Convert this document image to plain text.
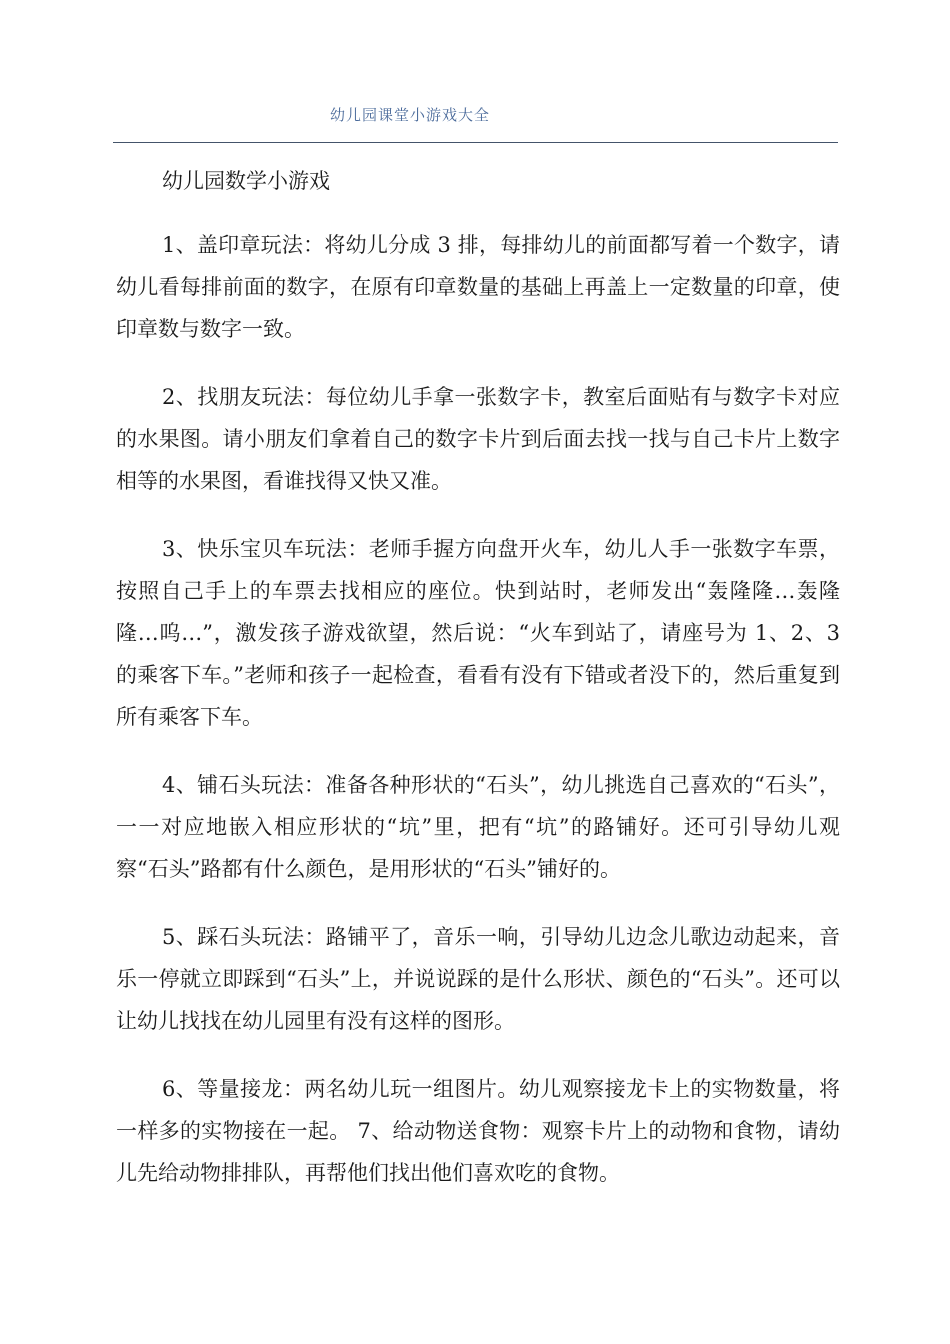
幼儿园课堂小游戏大全
幼儿园数学小游戏

1、盖印章玩法：将幼儿分成 3 排，每排幼儿的前面都写着一个数字，请幼儿看每排前面的数字，在原有印章数量的基础上再盖上一定数量的印章，使印章数与数字一致。

2、找朋友玩法：每位幼儿手拿一张数字卡，教室后面贴有与数字卡对应的水果图。请小朋友们拿着自己的数字卡片到后面去找一找与自己卡片上数字相等的水果图，看谁找得又快又准。

3、快乐宝贝车玩法：老师手握方向盘开火车，幼儿人手一张数字车票，按照自己手上的车票去找相应的座位。快到站时，老师发出“轰隆隆…轰隆隆…呜…”，激发孩子游戏欲望，然后说：“火车到站了，请座号为 1、2、3 的乘客下车。”老师和孩子一起检查，看看有没有下错或者没下的，然后重复到所有乘客下车。

4、铺石头玩法：准备各种形状的“石头”，幼儿挑选自己喜欢的“石头”，一一对应地嵌入相应形状的“坑”里，把有“坑”的路铺好。还可引导幼儿观察“石头”路都有什么颜色，是用形状的“石头”铺好的。

5、踩石头玩法：路铺平了，音乐一响，引导幼儿边念儿歌边动起来，音乐一停就立即踩到“石头”上，并说说踩的是什么形状、颜色的“石头”。还可以让幼儿找找在幼儿园里有没有这样的图形。

6、等量接龙：两名幼儿玩一组图片。幼儿观察接龙卡上的实物数量，将一样多的实物接在一起。 7、给动物送食物：观察卡片上的动物和食物，请幼儿先给动物排排队，再帮他们找出他们喜欢吃的食物。
